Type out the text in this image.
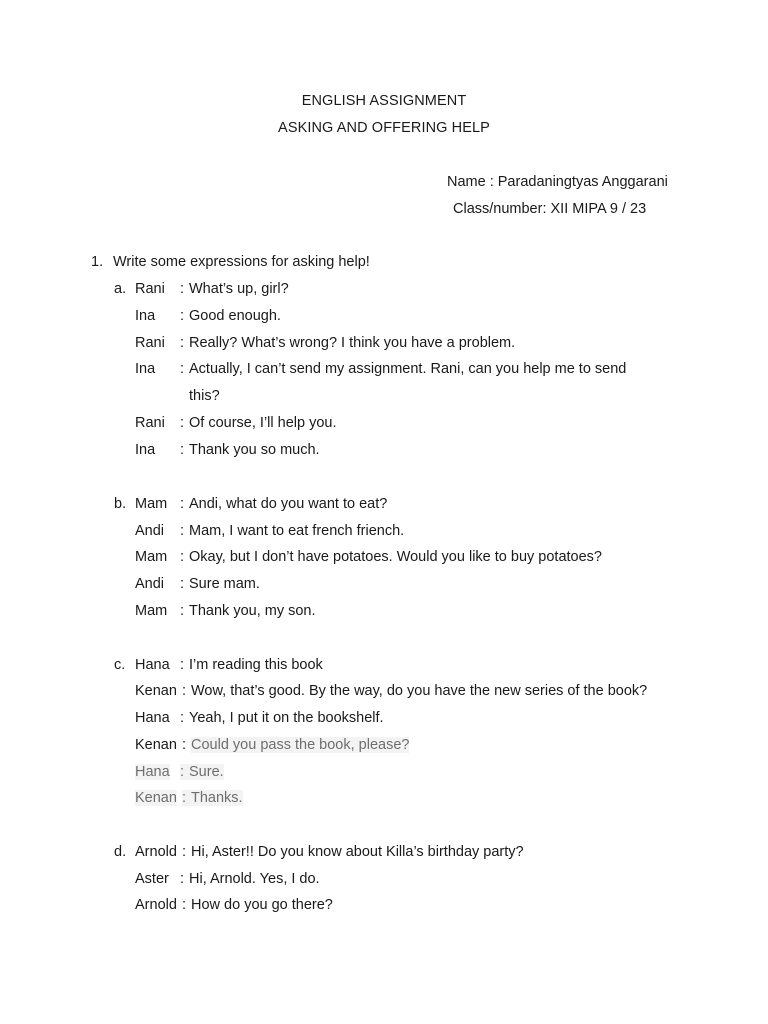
ENGLISH ASSIGNMENT
ASKING AND OFFERING HELP
Name : Paradaningtyas Anggarani
Class/number: XII MIPA 9 / 23
1. Write some expressions for asking help!
a. Rani : What’s up, girl?
Ina : Good enough.
Rani : Really? What’s wrong? I think you have a problem.
Ina : Actually, I can’t send my assignment. Rani, can you help me to send
this?
Rani : Of course, I’ll help you.
Ina : Thank you so much.
b. Mam : Andi, what do you want to eat?
Andi : Mam, I want to eat french friench.
Mam : Okay, but I don’t have potatoes. Would you like to buy potatoes?
Andi : Sure mam.
Mam : Thank you, my son.
c. Hana : I’m reading this book
Kenan : Wow, that’s good. By the way, do you have the new series of the book?
Hana : Yeah, I put it on the bookshelf.
Kenan : Could you pass the book, please?
Hana : Sure.
Kenan : Thanks.
d. Arnold : Hi, Aster!! Do you know about Killa’s birthday party?
Aster : Hi, Arnold. Yes, I do.
Arnold : How do you go there?
